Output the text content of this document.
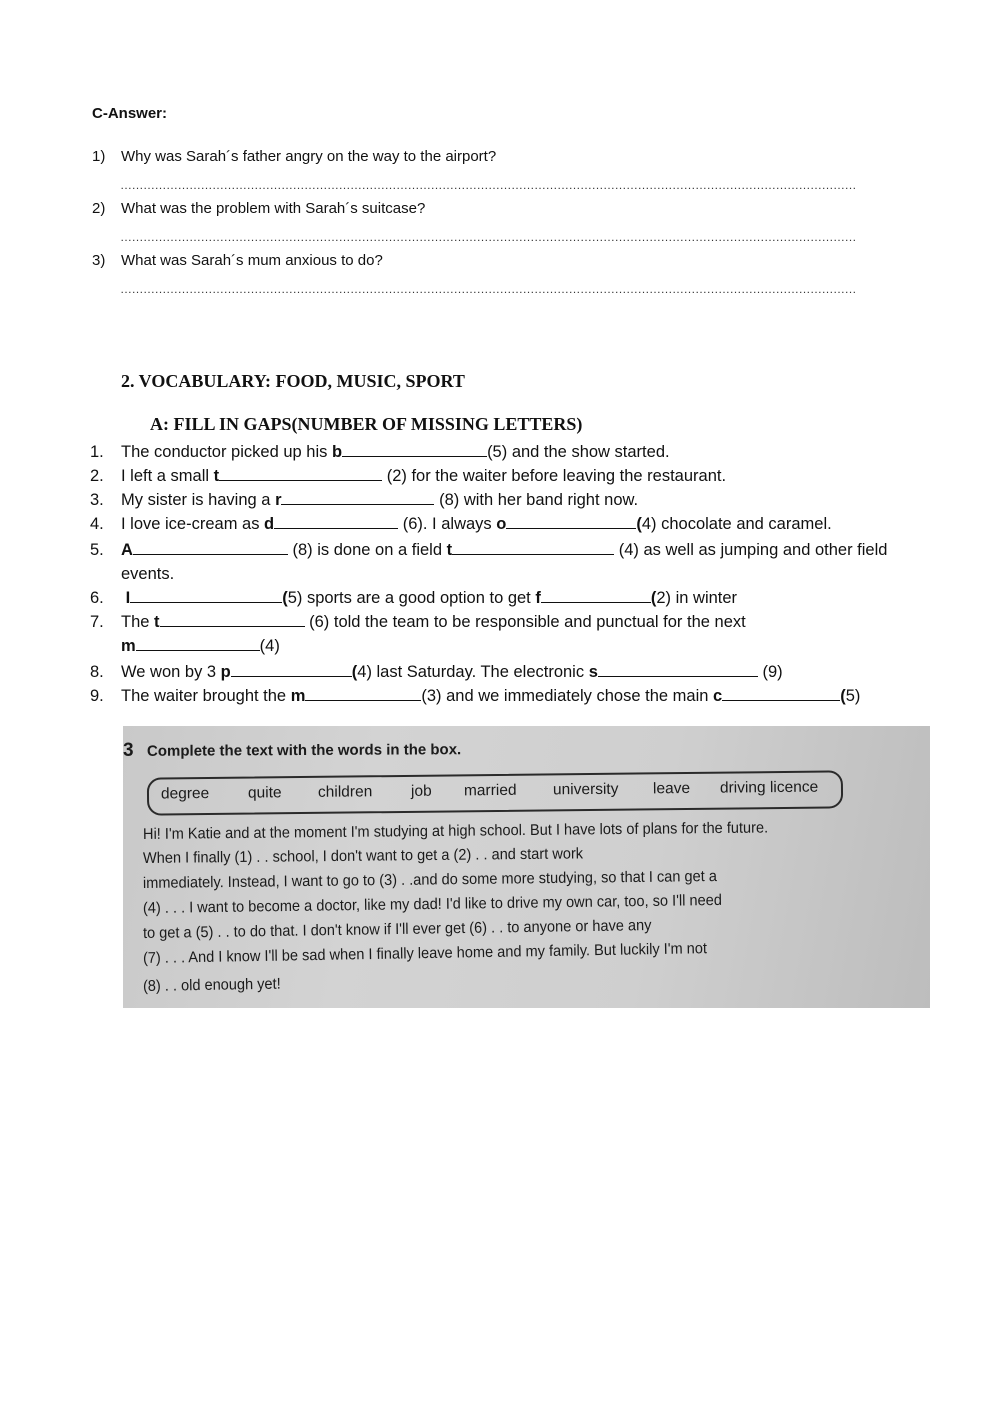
C-Answer:
1) Why was Sarah´s father angry on the way to the airport?
…………………………………………………………………………………………………………………………………………………………………………
2) What was the problem with Sarah´s suitcase?
…………………………………………………………………………………………………………………………………………………………………………
3) What was Sarah´s mum anxious to do?
…………………………………………………………………………………………………………………………………………………………………………
2. VOCABULARY: FOOD, MUSIC, SPORT
A: FILL IN GAPS(NUMBER OF MISSING LETTERS)
1. The conductor picked up his b	(5) and the show started.
2. I left a small t	(2) for the waiter before leaving the restaurant.
3. My sister is having a r	(8) with her band right now.
4. I love ice-cream as d	(6). I always o	(4) chocolate and caramel.
5. A	(8) is done on a field t	(4) as well as jumping and other field
events.
6. I	(5) sports are a good option to get f	(2) in winter
7. The t	(6) told the team to be responsible and punctual for the next
m	(4)
8. We won by 3 p	(4) last Saturday. The electronic s	(9)
9. The waiter brought the m	(3) and we immediately chose the main c	(5)
3 Complete the text with the words in the box.
degree quite children job married university leave driving licence
Hi! I'm Katie and at the moment I'm studying at high school. But I have lots of plans for the future.
When I finally (1) . . school, I don't want to get a (2) . . and start work
immediately. Instead, I want to go to (3) . .and do some more studying, so that I can get a
(4) . . . I want to become a doctor, like my dad! I'd like to drive my own car, too, so I'll need
to get a (5) . . to do that. I don't know if I'll ever get (6) . . to anyone or have any
(7) . . . And I know I'll be sad when I finally leave home and my family. But luckily I'm not
(8) . . old enough yet!
